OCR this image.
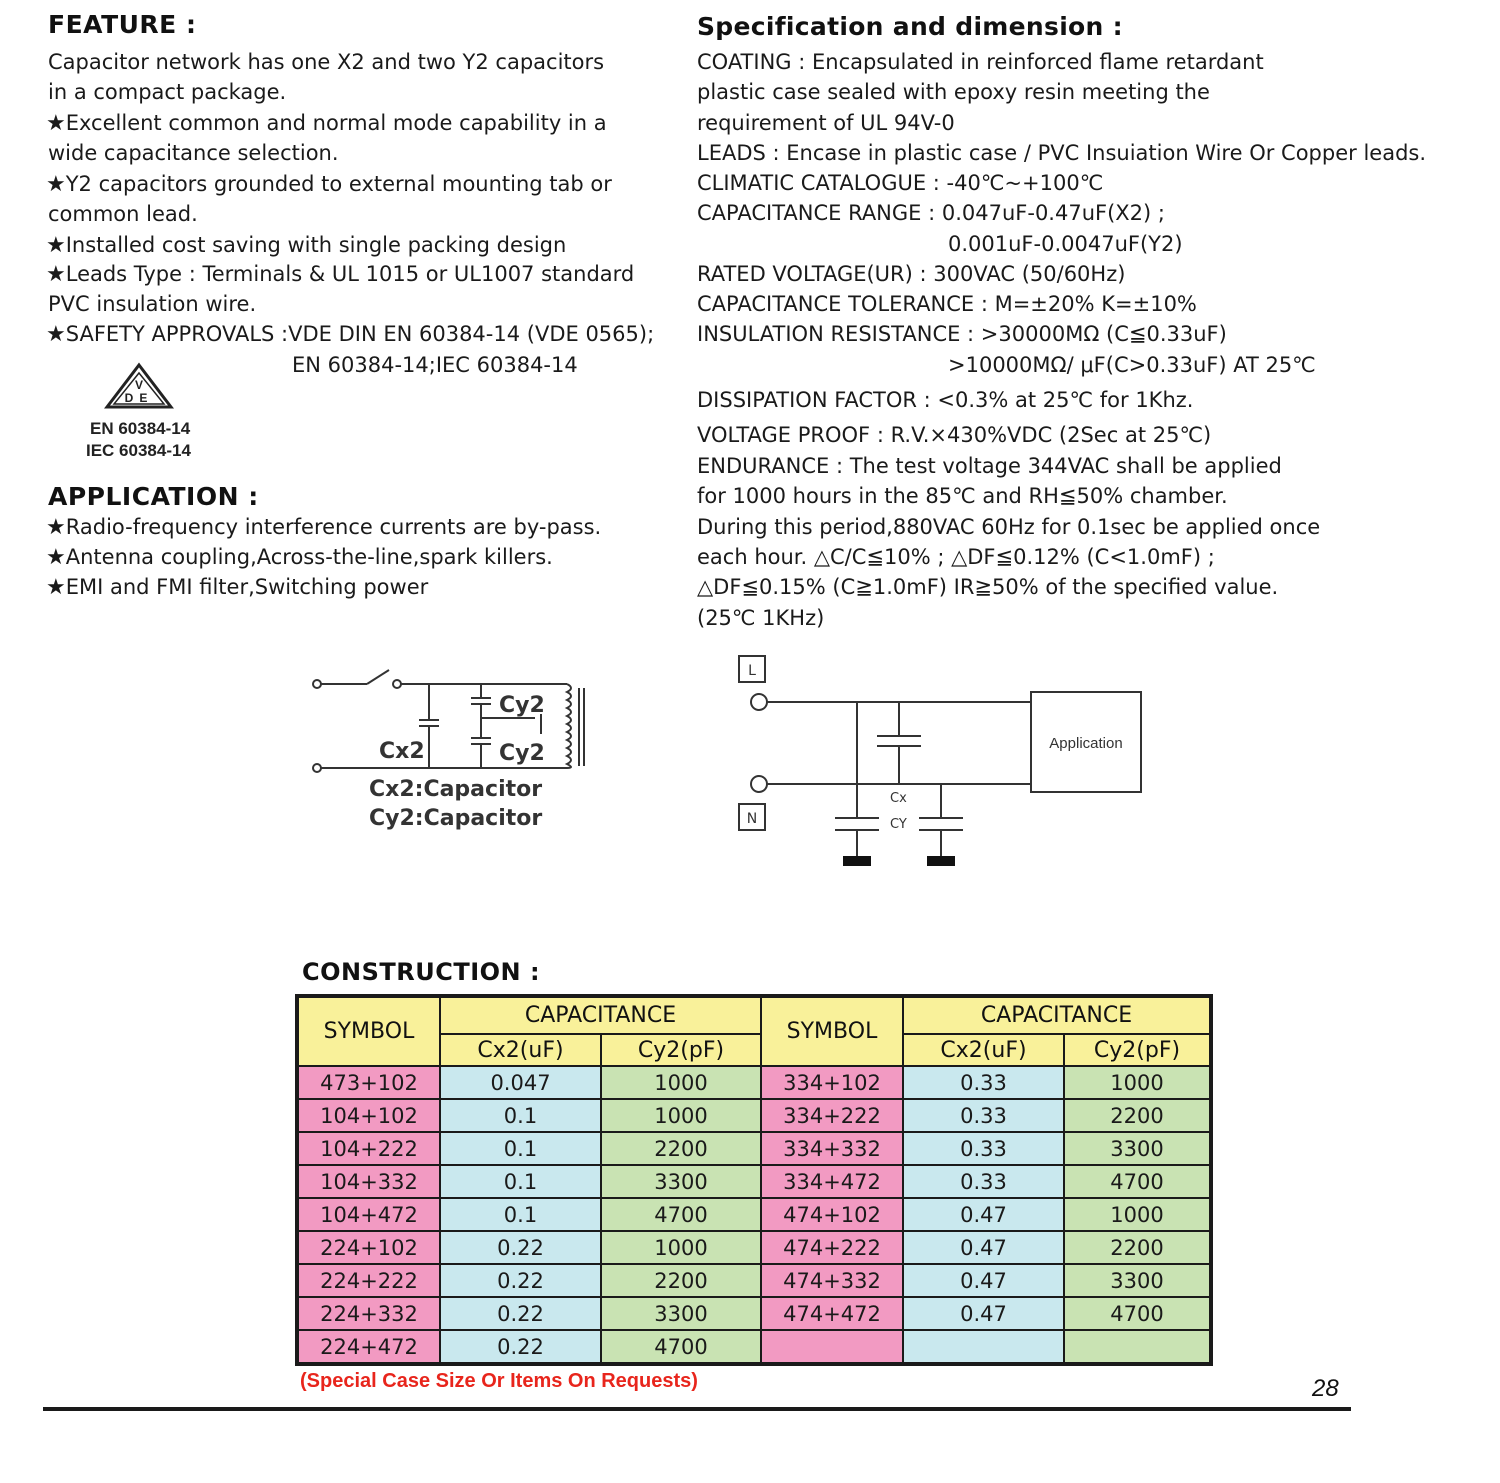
FEATURE :
Capacitor network has one X2 and two Y2 capacitors
in a compact package.
★Excellent common and normal mode capability in a
wide capacitance selection.
★Y2 capacitors grounded to external mounting tab or
common lead.
★Installed cost saving with single packing design
★Leads Type : Terminals & UL 1015 or UL1007 standard
PVC insulation wire.
★SAFETY APPROVALS :VDE DIN EN 60384-14 (VDE 0565);
EN 60384-14;IEC 60384-14
V
DE
EN 60384-14
IEC 60384-14
APPLICATION :
★Radio-frequency interference currents are by-pass.
★Antenna coupling,Across-the-line,spark killers.
★EMI and FMI filter,Switching power
Specification and dimension :
COATING : Encapsulated in reinforced flame retardant
plastic case sealed with epoxy resin meeting the
requirement of UL 94V-0
LEADS : Encase in plastic case / PVC Insuiation Wire Or Copper leads.
CLIMATIC CATALOGUE : -40℃~+100℃
CAPACITANCE RANGE : 0.047uF-0.47uF(X2) ;
0.001uF-0.0047uF(Y2)
RATED VOLTAGE(UR) : 300VAC (50/60Hz)
CAPACITANCE TOLERANCE : M=±20% K=±10%
INSULATION RESISTANCE : >30000MΩ (C≦0.33uF)
>10000MΩ/ μF(C>0.33uF) AT 25℃
DISSIPATION FACTOR : <0.3% at 25℃ for 1Khz.
VOLTAGE PROOF : R.V.×430%VDC (2Sec at 25℃)
ENDURANCE : The test voltage 344VAC shall be applied
for 1000 hours in the 85℃ and RH≦50% chamber.
During this period,880VAC 60Hz for 0.1sec be applied once
each hour. △C/C≦10% ; △DF≦0.12% (C<1.0mF) ;
△DF≦0.15% (C≧1.0mF) IR≧50% of the specified value.
(25℃ 1KHz)
Cy2
Cy2
Cx2
Cx2:Capacitor
Cy2:Capacitor
L
N
Application
Cx
CY
CONSTRUCTION :
SYMBOL	CAPACITANCE		SYMBOL	CAPACITANCE	
	Cx2(uF)	Cy2(pF)		Cx2(uF)	Cy2(pF)
473+102	0.047	1000	334+102	0.33	1000
104+102	0.1	1000	334+222	0.33	2200
104+222	0.1	2200	334+332	0.33	3300
104+332	0.1	3300	334+472	0.33	4700
104+472	0.1	4700	474+102	0.47	1000
224+102	0.22	1000	474+222	0.47	2200
224+222	0.22	2200	474+332	0.47	3300
224+332	0.22	3300	474+472	0.47	4700
224+472	0.22	4700			
(Special Case Size Or Items On Requests)	28
